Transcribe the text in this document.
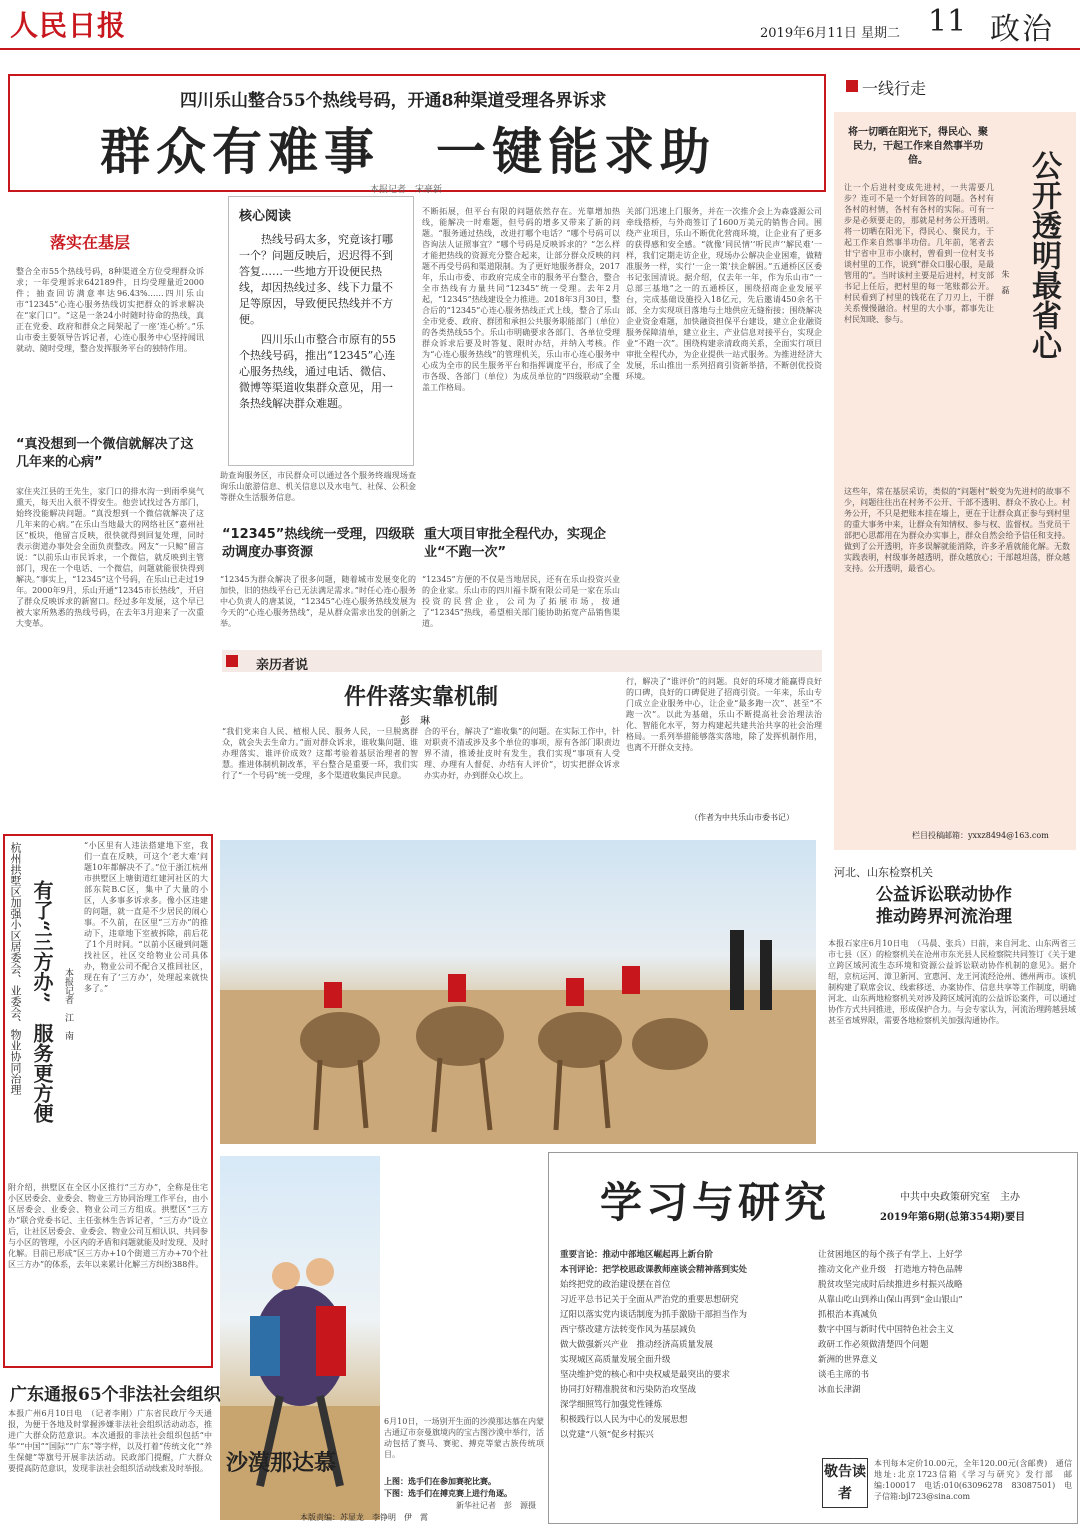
人民日报	2019年6月11日 星期二 11 政治
四川乐山整合55个热线号码，开通8种渠道受理各界诉求
群众有难事　一键能求助
本报记者　宋豪新
落实在基层
整合全市55个热线号码，8种渠道全方位受理群众诉求；一年受理诉求642189件，日均受理量近2000件；抽查回访满意率达96.43%……四川乐山市“12345”心连心服务热线切实把群众的诉求解决在“家门口”。“这是一条24小时随时待命的热线，真正在党委、政府和群众之间架起了一座‘连心桥’。”乐山市委主要领导告诉记者，心连心服务中心坚持闻讯就动、随时受理，整合发挥服务平台的独特作用。
“真没想到一个微信就解决了这几年来的心病”
家住夹江县的王先生，家门口的排水沟一到雨季臭气熏天，每天出入很不得安生。他尝试找过各方部门，始终没能解决问题。“真没想到一个微信就解决了这几年来的心病。”在乐山当地最大的网络社区“嘉州社区”板块，他留言反映，很快就得到回复处理，同时表示街道办事处会全面负责整改。网友“一只鲸”留言说：“以前乐山市民诉求，一个微信，就反映到主管部门，现在一个电话、一个微信，问题就能很快得到解决。”事实上，“12345”这个号码，在乐山已走过19年。2000年9月，乐山开通“12345市长热线”，开启了群众反映诉求的新窗口。经过多年发展，这个早已被大家所熟悉的热线号码，在去年3月迎来了一次重大变革。
核心阅读

热线号码太多，究竟该打哪一个？问题反映后，迟迟得不到答复……一些地方开设便民热线，却因热线过多、线下力量不足等原因，导致便民热线并不方便。

四川乐山市整合市原有的55个热线号码，推出“12345”心连心服务热线，通过电话、微信、微博等渠道收集群众意见，用一条热线解决群众难题。

助查询服务区，市民群众可以通过各个服务终端现场查询乐山旅游信息、机关信息以及水电气、社保、公积金等群众生活服务信息。
“12345”热线统一受理，四级联动调度办事资源
“12345为群众解决了很多问题，随着城市发展变化的加快，旧的热线平台已无法满足需求。”时任心连心服务中心负责人的唐某说，“12345”心连心服务热线发展为今天的“心连心服务热线”，是从群众需求出发的创新之举。
不断拓展，但平台有限的问题依然存在。光靠增加热线，能解决一时难题，但号码的增多又带来了新的问题。“服务通过热线，改进打哪个电话？”哪个号码可以咨询法人证照事宜？“哪个号码是反映诉求的？”怎么样才能把热线的资源充分整合起来，让部分群众反映的问题不再受号码和渠道限制。为了更好地服务群众，2017年，乐山市委、市政府完成全市的服务平台整合，整合全市热线有力量共同“12345”统一受理。去年2月起，“12345”热线建设全力推进。2018年3月30日，整合后的“12345”心连心服务热线正式上线，整合了乐山全市党委、政府、群团和承担公共服务职能部门（单位）的各类热线55个。乐山市明确要求各部门、各单位受理群众诉求后要及时答复、限时办结，并纳入考核。作为“心连心服务热线”的管理机关，乐山市心连心服务中心成为全市的民生服务平台和指挥调度平台，形成了全市各级、各部门（单位）为成员单位的“四级联动”全覆盖工作格局。
重大项目审批全程代办，实现企业“不跑一次”
“12345”方便的不仅是当地居民，还有在乐山投资兴业的企业家。乐山市的四川福卡斯有限公司是一家在乐山投资的民营企业，公司为了拓展市场，按通了“12345”热线，希望相关部门能协助拓宽产品销售渠道。
关部门迅速上门服务，并在一次推介会上为森盛源公司牵线搭桥，与外商签订了1600万美元的销售合同。围绕产业项目，乐山不断优化营商环境，让企业有了更多的获得感和安全感。“就像‘同民情’‘听民声’‘解民难’一样，我们定期走访企业，现场办公解决企业困难，做精准服务一样，实行‘一企一策’扶企解困。”五通桥区区委书记张国清说。据介绍，仅去年一年，作为乐山市“一总部三基地”之一的五通桥区，围绕招商企业发展平台，完成基础设施投入18亿元，先后邀请450余名干部、全力实现项目落地与土地供应无缝衔接；围绕解决企业资金难题，加快融资担保平台建设，建立企业融资服务保障清单，建立业主、产业信息对接平台，实现企业“不跑一次”。围绕构建亲清政商关系，全面实行项目审批全程代办，为企业提供一站式服务。为推进经济大发展，乐山推出一系列招商引资新举措，不断创优投资环境。
亲历者说
件件落实靠机制
彭　琳
“我们党来自人民、植根人民、服务人民，一旦脱离群众，就会失去生命力。”面对群众诉求，谁收集问题、谁办理落实、谁评价成效？这都考验着基层治理者的智慧。推进体制机制改革，平台整合是重要一环，我们实行了“一个号码”统一受理，多个渠道收集民声民意。
合的平台，解决了“谁收集”的问题。在实际工作中，针对职责不清或涉及多个单位的事项，原有各部门职责边界不清，推诿扯皮时有发生，我们实现“事项有人受理、办理有人督促、办结有人评价”，切实把群众诉求办实办好，办到群众心坎上。
行，解决了“谁评价”的问题。良好的环境才能赢得良好的口碑，良好的口碑促进了招商引资。一年来，乐山专门成立企业服务中心，让企业“最多跑一次”、甚至“不跑一次”。以此为基础，乐山不断提高社会治理法治化、智能化水平，努力构建起共建共治共享的社会治理格局。一系列举措能够落实落地，除了发挥机制作用，也离不开群众支持。
（作者为中共乐山市委书记）
一线行走
将一切晒在阳光下，得民心、聚民力，干起工作来自然事半功倍。	公开透明最省心
朱　磊
让一个后进村变成先进村，一共需要几步？连可不是一个好回答的问题。各村有各村的村情，各村有各村的实际。可有一步是必须要走的，那就是村务公开透明。将一切晒在阳光下，得民心、聚民力，干起工作来自然事半功倍。几年前，笔者去甘宁省中卫市小康村，曾看到一位村支书谈村里的工作，说到“群众口服心服，是最管用的”。当时该村主要是后进村，村支部书记上任后，把村里的每一笔账都公开。村民看到了村里的钱花在了刀刃上，干群关系慢慢融洽。村里的大小事，都事先让村民知晓、参与。
这些年，常在基层采访，类似的“问题村”蜕变为先进村的故事不少，问题往往出在村务不公开、干部不透明、群众不放心上。村务公开，不只是把账本挂在墙上，更在于让群众真正参与到村里的重大事务中来，让群众有知情权、参与权、监督权。当党员干部把心思都用在为群众办实事上，群众自然会给予信任和支持。做到了公开透明，许多误解就能消除，许多矛盾就能化解。无数实践表明，村级事务越透明，群众越放心；干部越坦荡，群众越支持。公开透明，最省心。
栏目投稿邮箱：yxxz8494@163.com
杭州拱墅区加强小区居委会、业委会、物业协同治理 有了“三方办”　服务更方便 本报记者　江　南
“小区里有人违法搭建地下室，我们一直在反映，可这个‘老大难’问题10年都解决不了。”位于浙江杭州市拱墅区上塘街道红建河社区的大部东院B.C区，集中了大量的小区，人多事多诉求多。像小区违建的问题，就一直是不少居民的闹心事。不久前，在区里“三方办”的推动下，违章地下室被拆除，前后花了1个月时间。“以前小区碰到问题找社区，社区交给物业公司具体办，物业公司不配合又推回社区，现在有了‘三方办’，处理起来就快多了。”
附介绍，拱墅区在全区小区推行“三方办”，全称是住宅小区居委会、业委会、物业三方协同治理工作平台，由小区居委会、业委会、物业公司三方组成。拱墅区“三方办”联合党委书记、主任张林生告诉记者，“三方办”设立后，让社区居委会、业委会、物业公司互相认识、共同参与小区的管理，小区内的矛盾和问题就能及时发现、及时化解。目前已形成“区三方办+10个街道三方办+70个社区三方办”的体系，去年以来累计化解三方纠纷388件。
沙漠那达慕
6月10日，一场别开生面的沙漠那达慕在内蒙古通辽市奈曼旗境内的宝古图沙漠中举行，活动包括了赛马、赛驼、搏克等蒙古族传统项目。
上图：选手们在参加赛驼比赛。
下图：选手们在搏克赛上进行角逐。
新华社记者　彭　源摄
河北、山东检察机关
公益诉讼联动协作
推动跨界河流治理
本报石家庄6月10日电　（马晨、张兵）日前，来自河北、山东两省三市七县（区）的检察机关在沧州市东光县人民检察院共同签订《关于建立跨区域河流生态环境和资源公益诉讼联动协作机制的意见》。据介绍，京杭运河、漳卫新河、宣惠河、龙王河流经沧州、德州两市。该机制构建了联席会议、线索移送、办案协作、信息共享等工作制度，明确河北、山东两地检察机关对涉及跨区域河流的公益诉讼案件，可以通过协作方式共同推进，形成保护合力。与会专家认为，河流治理跨越县域甚至省域界限，需要各地检察机关加强沟通协作。
广东通报65个非法社会组织
本报广州6月10日电　（记者李刚）广东省民政厅今天通报，为便于各地及时掌握涉嫌非法社会组织活动动态，推进广大群众防范意识。本次通报的非法社会组织包括“中华”“中国”“国际”“广东”等字样，以及打着“传统文化”“养生保健”等旗号开展非法活动。民政部门提醒，广大群众要提高防范意识，发现非法社会组织活动线索及时举报。
学习与研究	中共中央政策研究室　主办
2019年第6期(总第354期)要目
重要言论：推动中部地区崛起再上新台阶
本刊评论：把学校思政课教师座谈会精神落到实处
始终把党的政治建设摆在首位
习近平总书记关于全面从严治党的重要思想研究
辽阳以落实党内谈话制度为抓手激励干部担当作为
西宁蔡改建方法转变作风为基层减负
做大做强新兴产业　推动经济高质量发展
实现城区高质量发展全面升级
坚决维护党的核心和中央权威是最突出的要求
协同打好精准脱贫和污染防治攻坚战
深学细照笃行加强党性锤炼
积极践行以人民为中心的发展思想
以党建“八领”促乡村振兴
让贫困地区的每个孩子有学上、上好学
推动文化产业升级　打造地方特色品牌
脱贫攻坚完成时后续推进乡村振兴战略
从靠山吃山到养山保山再到“金山银山”
抓根治本真减负
数字中国与新时代中国特色社会主义
政研工作必须做清楚四个问题
新洲的世界意义
谈毛主席的书
冰血长津湖
敬告读者
本刊每本定价10.00元，全年120.00元(含邮费)　通信地址:北京1723信箱《学习与研究》发行部　邮编:100017　电话:010(63096278　83087501)　电子信箱:bjl723@sina.com
本版责编：苏显龙　李铮明　伊　霄
